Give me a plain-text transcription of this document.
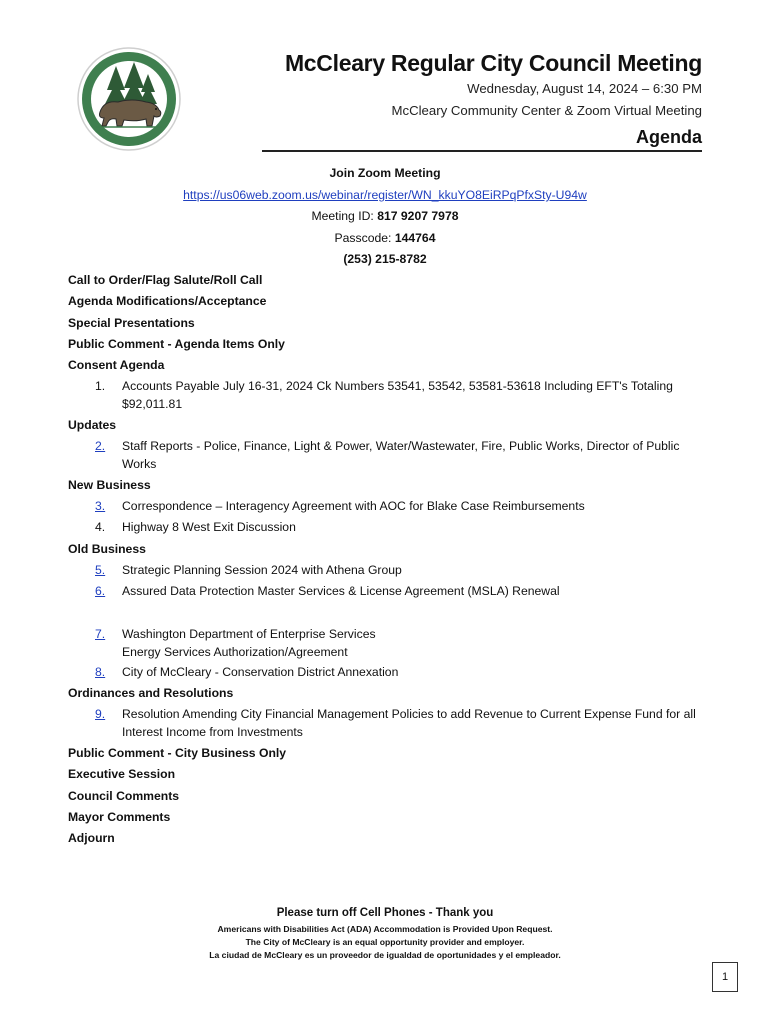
McCleary Regular City Council Meeting
Wednesday, August 14, 2024 – 6:30 PM
McCleary Community Center & Zoom Virtual Meeting
Agenda
Join Zoom Meeting
https://us06web.zoom.us/webinar/register/WN_kkuYO8EiRPqPfxSty-U94w
Meeting ID: 817 9207 7978
Passcode: 144764
(253) 215-8782
Call to Order/Flag Salute/Roll Call
Agenda Modifications/Acceptance
Special Presentations
Public Comment - Agenda Items Only
Consent Agenda
1.	Accounts Payable July 16-31, 2024 Ck Numbers 53541, 53542, 53581-53618 Including EFT's Totaling $92,011.81
Updates
2.	Staff Reports - Police, Finance, Light & Power, Water/Wastewater, Fire, Public Works, Director of Public Works
New Business
3.	Correspondence – Interagency Agreement with AOC for Blake Case Reimbursements
4.	Highway 8 West Exit Discussion
Old Business
5.	Strategic Planning Session 2024 with Athena Group
6.	Assured Data Protection Master Services & License Agreement (MSLA) Renewal
7.	Washington Department of Enterprise Services
Energy Services Authorization/Agreement
8.	City of McCleary - Conservation District Annexation
Ordinances and Resolutions
9.	Resolution Amending City Financial Management Policies to add Revenue to Current Expense Fund for all Interest Income from Investments
Public Comment - City Business Only
Executive Session
Council Comments
Mayor Comments
Adjourn
Please turn off Cell Phones - Thank you
Americans with Disabilities Act (ADA) Accommodation is Provided Upon Request.
The City of McCleary is an equal opportunity provider and employer.
La ciudad de McCleary es un proveedor de igualdad de oportunidades y el empleador.
1
